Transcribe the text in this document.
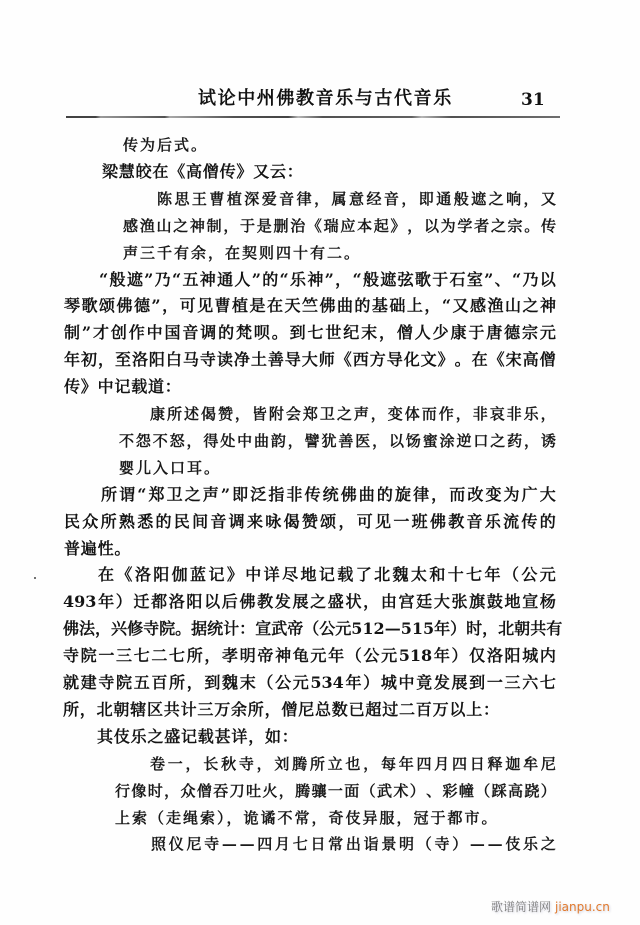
试论中州佛教音乐与古代音乐	31
传为后式。
梁慧皎在《高僧传》又云：
陈 思 王 曹 植 深 爱 音 律 ， 属 意 经 音 ， 即 通 般 遮 之 响 ， 又
感 渔 山 之 神 制 ， 于 是 删 治 《 瑞 应 本 起 》 ， 以 为 学 者 之 宗 。 传
声三千有余，在契则四十有二。
“ 般 遮 ” 乃 “ 五 神 通 人 ” 的 “ 乐 神 ” ， “ 般 遮 弦 歌 于 石 室 ” 、 “ 乃 以
琴 歌 颂 佛 德 ” ， 可 见 曹 植 是 在 天 竺 佛 曲 的 基 础 上 ， “ 又 感 渔 山 之 神
制 ” 才 创 作 中 国 音 调 的 梵 呗 。 到 七 世 纪 末 ， 僧 人 少 康 于 唐 德 宗 元
年 初 ， 至 洛 阳 白 马 寺 读 净 土 善 导 大 师 《 西 方 导 化 文 》 。 在 《 宋 高 僧
传》中记载道：
康 所 述 偈 赞 ， 皆 附 会 郑 卫 之 声 ， 变 体 而 作 ， 非 哀 非 乐 ，
不 怨 不 怒 ， 得 处 中 曲 韵 ， 譬 犹 善 医 ， 以 饧 蜜 涂 逆 口 之 药 ， 诱
婴儿入口耳。
所 谓 “ 郑 卫 之 声 ” 即 泛 指 非 传 统 佛 曲 的 旋 律 ， 而 改 变 为 广 大
民 众 所 熟 悉 的 民 间 音 调 来 咏 偈 赞 颂 ， 可 见 一 班 佛 教 音 乐 流 传 的
普遍性。
在 《 洛 阳 伽 蓝 记 》 中 详 尽 地 记 载 了 北 魏 太 和 十 七 年 （ 公 元
493 年 ） 迁 都 洛 阳 以 后 佛 教 发 展 之 盛 状 ， 由 宫 廷 大 张 旗 鼓 地 宣 杨
佛 法 ， 兴 修 寺 院 。 据 统 计 ： 宣 武 帝 （ 公 元 512 — 515 年 ） 时 ， 北 朝 共 有
寺 院 一 三 七 二 七 所 ， 孝 明 帝 神 龟 元 年 （ 公 元 518 年 ） 仅 洛 阳 城 内
就 建 寺 院 五 百 所 ， 到 魏 末 （ 公 元 534 年 ） 城 中 竟 发 展 到 一 三 六 七
所，北朝辖区共计三万余所，僧尼总数已超过二百万以上：
其伎乐之盛记载甚详，如：
卷 一 ， 长 秋 寺 ， 刘 腾 所 立 也 ， 每 年 四 月 四 日 释 迦 牟 尼
行 像 时 ， 众 僧 吞 刀 吐 火 ， 腾 骧 一 面 （ 武 术 ） 、 彩 幢 （ 踩 高 跷 ）
上索（走绳索），诡谲不常，奇伎异服，冠于都市。
照 仪 尼 寺 — — 四 月 七 日 常 出 诣 景 明 （ 寺 ） — — 伎 乐 之
歌谱简谱网 jianpu.cn
